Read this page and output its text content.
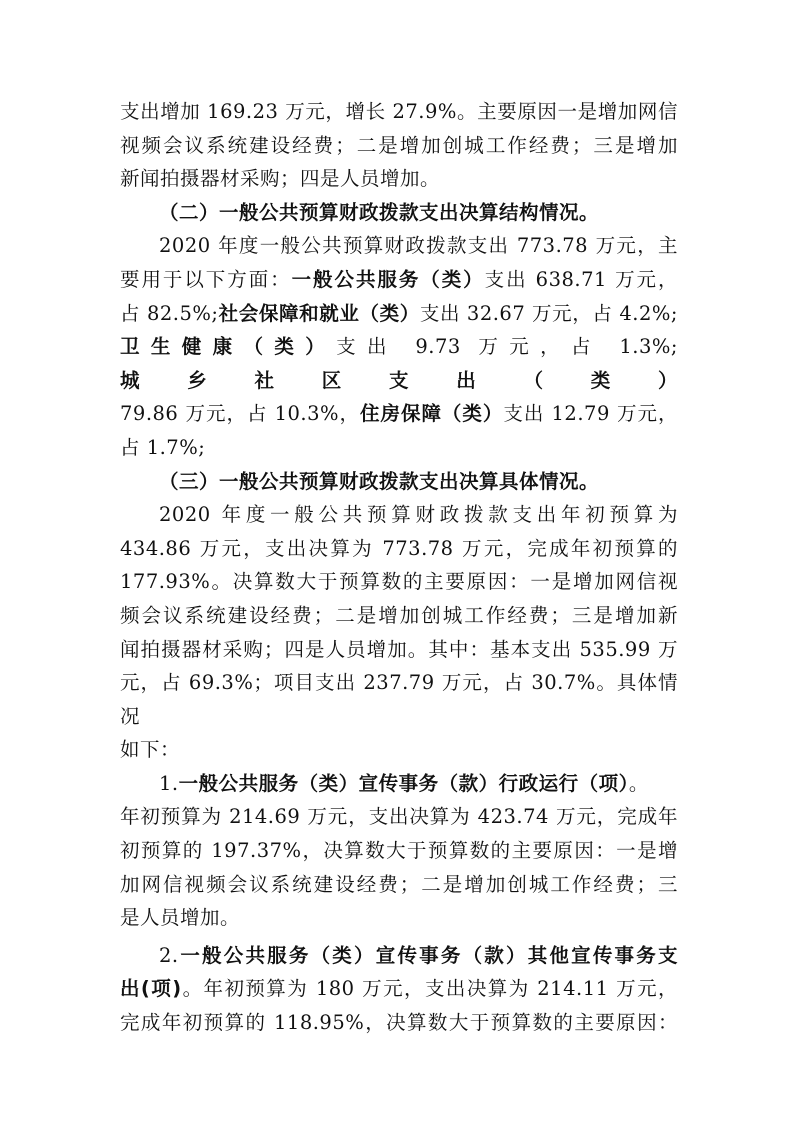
支出增加 169.23 万元，增长 27.9%。主要原因一是增加网信
视频会议系统建设经费；二是增加创城工作经费；三是增加
新闻拍摄器材采购；四是人员增加。
（二）一般公共预算财政拨款支出决算结构情况。
2020 年度一般公共预算财政拨款支出 773.78 万元，主
要用于以下方面：一般公共服务（类）支出 638.71 万元，
占 82.5%;社会保障和就业（类）支出 32.67 万元，占 4.2%;
卫生健康（类）支出 9.73 万元，占 1.3%;城乡社区支出（类）
79.86 万元，占 10.3%，住房保障（类）支出 12.79 万元，
占 1.7%;
（三）一般公共预算财政拨款支出决算具体情况。
2020 年度一般公共预算财政拨款支出年初预算为
434.86 万元，支出决算为 773.78 万元，完成年初预算的
177.93%。决算数大于预算数的主要原因：一是增加网信视
频会议系统建设经费；二是增加创城工作经费；三是增加新
闻拍摄器材采购；四是人员增加。其中：基本支出 535.99 万
元，占 69.3%；项目支出 237.79 万元，占 30.7%。具体情况
如下：
1.一般公共服务（类）宣传事务（款）行政运行（项）。
年初预算为 214.69 万元，支出决算为 423.74 万元，完成年
初预算的 197.37%，决算数大于预算数的主要原因：一是增
加网信视频会议系统建设经费；二是增加创城工作经费；三
是人员增加。
2.一般公共服务（类）宣传事务（款）其他宣传事务支
出(项)。年初预算为 180 万元，支出决算为 214.11 万元，
完成年初预算的 118.95%，决算数大于预算数的主要原因：
